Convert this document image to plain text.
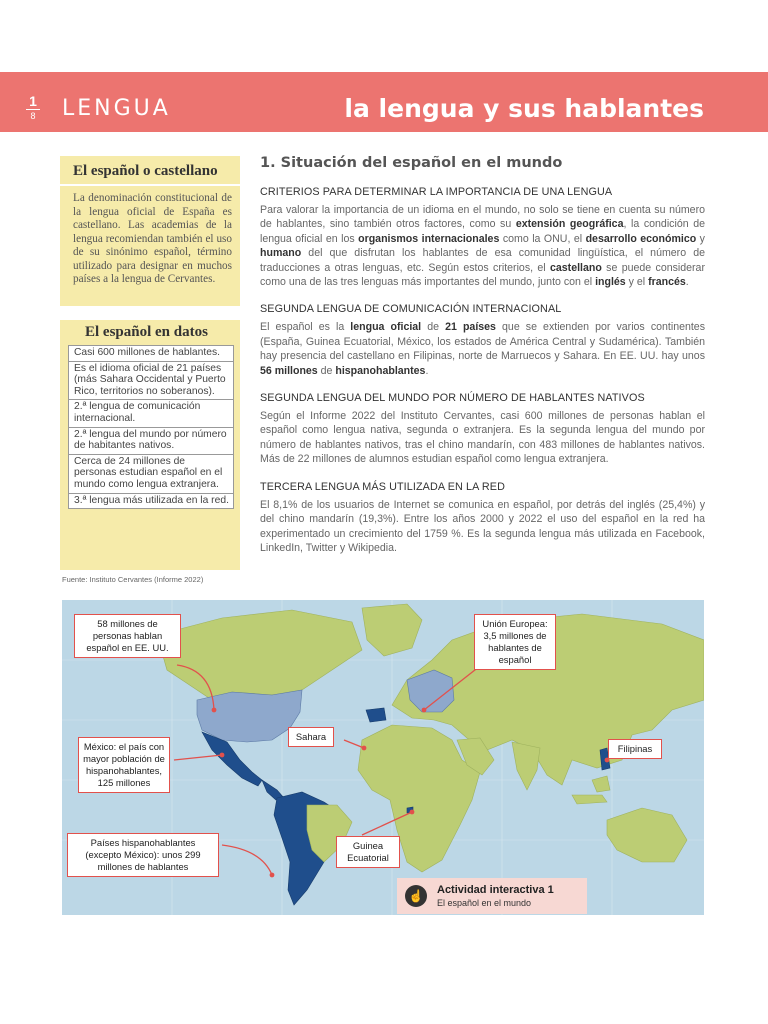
1
8 LENGUA	la lengua y sus hablantes
El español o castellano
La denominación constitucional de la lengua oficial de España es castellano. Las academias de la lengua recomiendan también el uso de su sinónimo español, término utilizado para designar en muchos países a la lengua de Cervantes.
El español en datos
Casi 600 millones de hablantes.
Es el idioma oficial de 21 países (más Sahara Occidental y Puerto Rico, territorios no soberanos).
2.ª lengua de comunicación internacional.
2.ª lengua del mundo por número de habitantes nativos.
Cerca de 24 millones de personas estudian español en el mundo como lengua extranjera.
3.ª lengua más utilizada en la red.
Fuente: Instituto Cervantes (Informe 2022)
1. Situación del español en el mundo
CRITERIOS PARA DETERMINAR LA IMPORTANCIA DE UNA LENGUA
Para valorar la importancia de un idioma en el mundo, no solo se tiene en cuenta su número de hablantes, sino también otros factores, como su extensión geográfica, la condición de lengua oficial en los organismos internacionales como la ONU, el desarrollo económico y humano del que disfrutan los hablantes de esa comunidad lingüística, el número de traducciones a otras lenguas, etc. Según estos criterios, el castellano se puede considerar como una de las tres lenguas más importantes del mundo, junto con el inglés y el francés.
SEGUNDA LENGUA DE COMUNICACIÓN INTERNACIONAL
El español es la lengua oficial de 21 países que se extienden por varios continentes (España, Guinea Ecuatorial, México, los estados de América Central y Sudamérica). También hay presencia del castellano en Filipinas, norte de Marruecos y Sahara. En EE. UU. hay unos 56 millones de hispanohablantes.
SEGUNDA LENGUA DEL MUNDO POR NÚMERO DE HABLANTES NATIVOS
Según el Informe 2022 del Instituto Cervantes, casi 600 millones de personas hablan el español como lengua nativa, segunda o extranjera. Es la segunda lengua del mundo por número de hablantes nativos, tras el chino mandarín, con 483 millones de hablantes nativos. Más de 22 millones de alumnos estudian español como lengua extranjera.
TERCERA LENGUA MÁS UTILIZADA EN LA RED
El 8,1% de los usuarios de Internet se comunica en español, por detrás del inglés (25,4%) y del chino mandarín (19,3%). Entre los años 2000 y 2022 el uso del español en la red ha experimentado un crecimiento del 1759 %. Es la segunda lengua más utilizada en Facebook, LinkedIn, Twitter y Wikipedia.
58 millones de personas hablan español en EE. UU.
México: el país con mayor población de hispanohablantes, 125 millones
Países hispanohablantes (excepto México): unos 299 millones de hablantes
Sahara
Guinea Ecuatorial
Unión Europea: 3,5 millones de hablantes de español
Filipinas
☝	Actividad interactiva 1
El español en el mundo
